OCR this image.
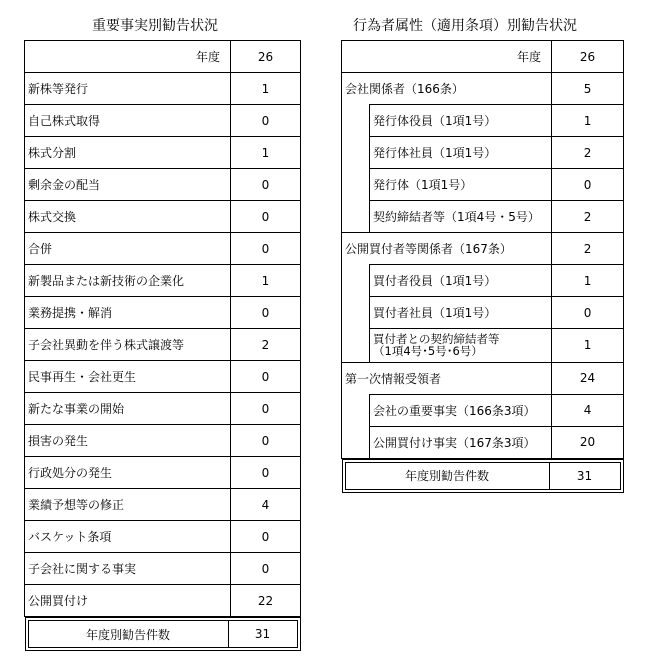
重要事実別勧告状況	行為者属性（適用条項）別勧告状況
年度	26
新株等発行	1
自己株式取得	0
株式分割	1
剰余金の配当	0
株式交換	0
合併	0
新製品または新技術の企業化	1
業務提携・解消	0
子会社異動を伴う株式譲渡等	2
民事再生・会社更生	0
新たな事業の開始	0
損害の発生	0
行政処分の発生	0
業績予想等の修正	4
バスケット条項	0
子会社に関する事実	0
公開買付け	22

年度別勧告件数 31	
年度		26
会社関係者（166条）		5
	発行体役員（1項1号）	1
	発行体社員（1項1号）	2
	発行体（1項1号）	0
	契約締結者等（1項4号・5号）	2
公開買付者等関係者（167条）		2
	買付者役員（1項1号）	1
	買付者社員（1項1号）	0

	買付者との契約締結者等
（1項4号･5号･6号）	1
第一次情報受領者		24
	会社の重要事実（166条3項）	4
	公開買付け事実（167条3項）	20

年度別勧告件数 31		
